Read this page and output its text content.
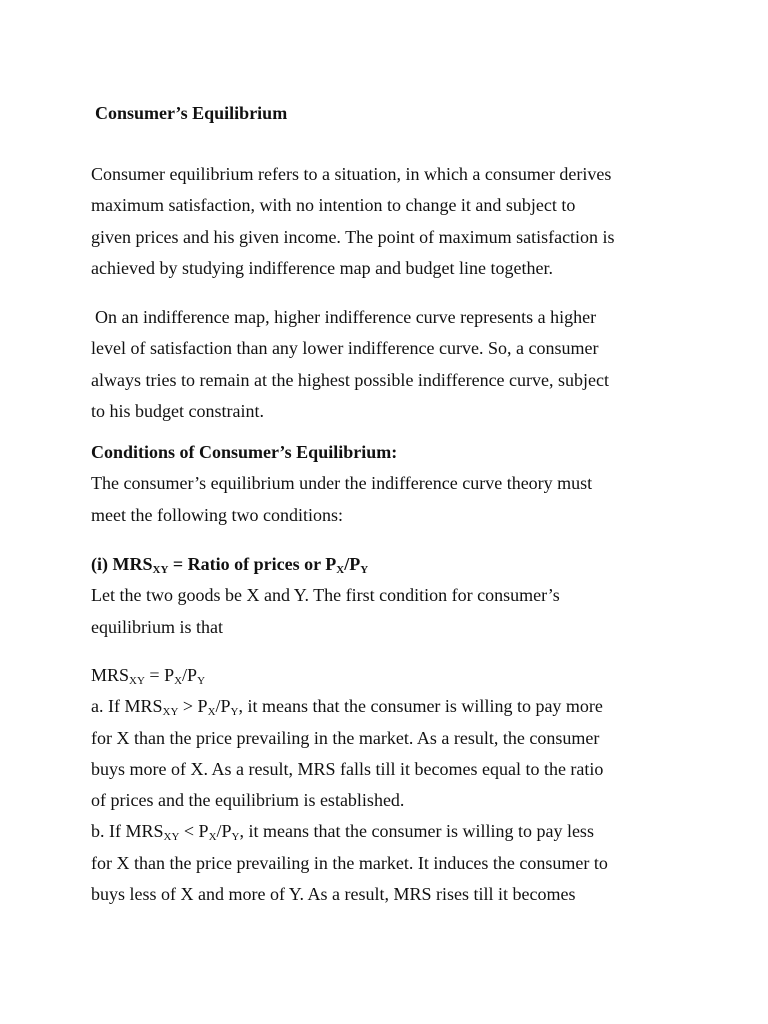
Consumer’s Equilibrium

Consumer equilibrium refers to a situation, in which a consumer derives
maximum satisfaction, with no intention to change it and subject to
given prices and his given income. The point of maximum satisfaction is
achieved by studying indifference map and budget line together.

On an indifference map, higher indifference curve represents a higher
level of satisfaction than any lower indifference curve. So, a consumer
always tries to remain at the highest possible indifference curve, subject
to his budget constraint.

Conditions of Consumer’s Equilibrium:
The consumer’s equilibrium under the indifference curve theory must
meet the following two conditions:
(i) $MRS_{XY}$ = Ratio of prices or $P_X/P_Y$
Let the two goods be X and Y. The first condition for consumer’s
equilibrium is that
$MRS_{XY} = P_X/P_Y$
a. If $MRS_{XY} > P_X/P_Y$, it means that the consumer is willing to pay more
for X than the price prevailing in the market. As a result, the consumer
buys more of X. As a result, MRS falls till it becomes equal to the ratio
of prices and the equilibrium is established.
b. If $MRS_{XY} < P_X/P_Y$, it means that the consumer is willing to pay less
for X than the price prevailing in the market. It induces the consumer to
buys less of X and more of Y. As a result, MRS rises till it becomes
